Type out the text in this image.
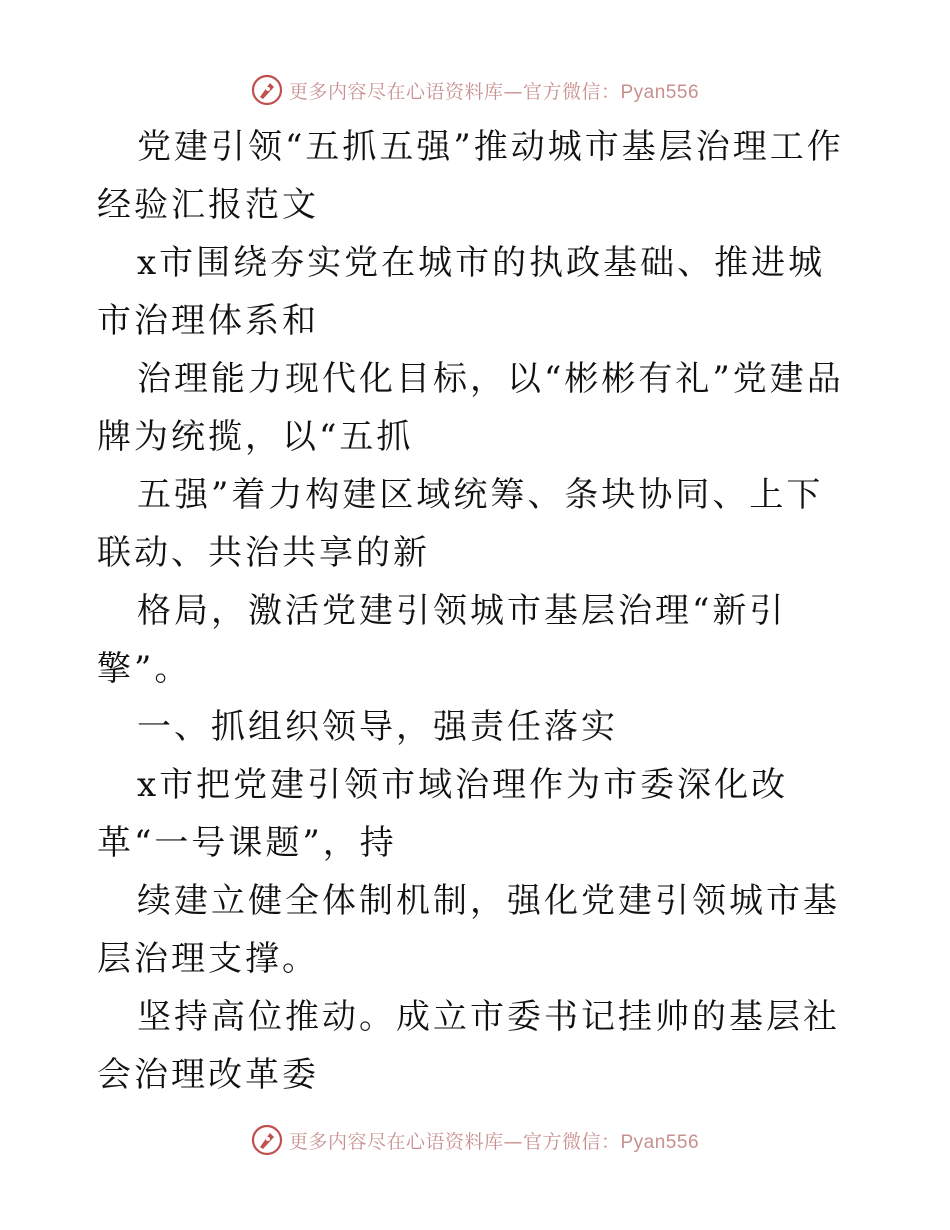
更多内容尽在心语资料库—官方微信：Pyan556

党建引领“五抓五强”推动城市基层治理工作经验汇报范文

x市围绕夯实党在城市的执政基础、推进城市治理体系和

治理能力现代化目标，以“彬彬有礼”党建品牌为统揽，以“五抓

五强”着力构建区域统筹、条块协同、上下联动、共治共享的新

格局，激活党建引领城市基层治理“新引擎”。

一、抓组织领导，强责任落实

x市把党建引领市域治理作为市委深化改革“一号课题”，持

续建立健全体制机制，强化党建引领城市基层治理支撑。

坚持高位推动。成立市委书记挂帅的基层社会治理改革委

更多内容尽在心语资料库—官方微信：Pyan556
